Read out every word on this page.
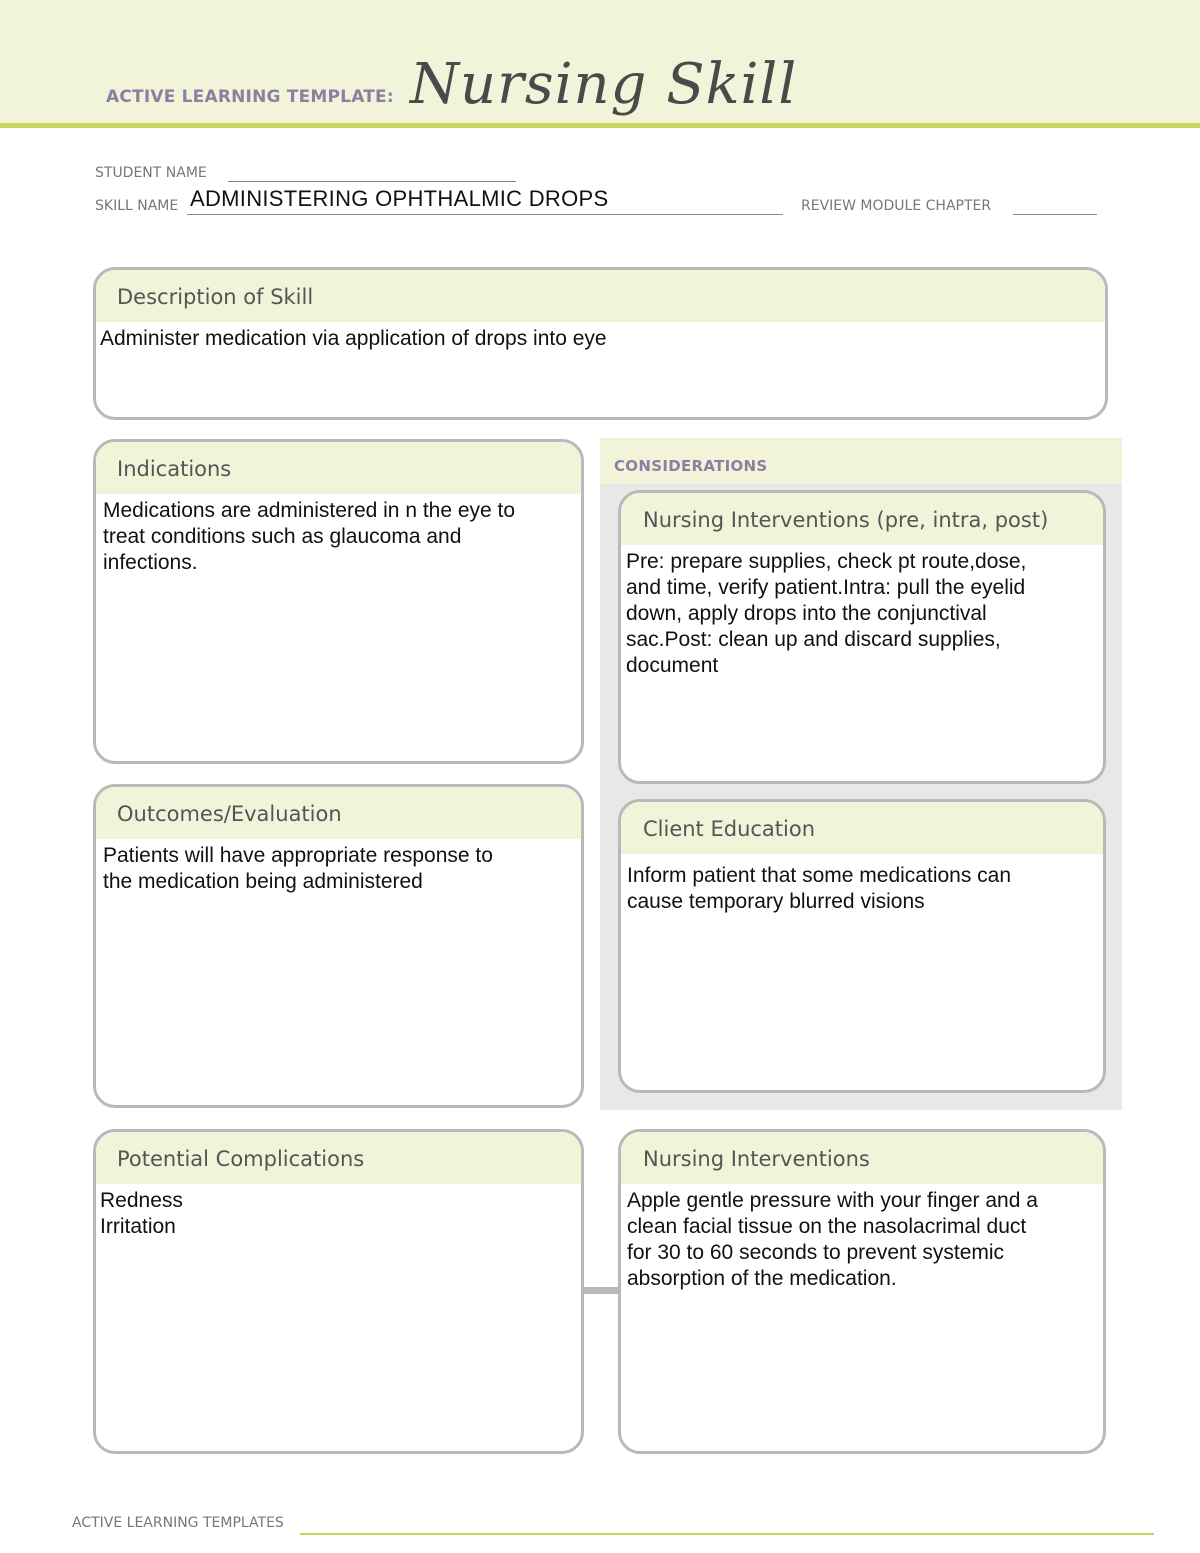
ACTIVE LEARNING TEMPLATE: Nursing Skill
STUDENT NAME
SKILL NAME ADMINISTERING OPHTHALMIC DROPS	REVIEW MODULE CHAPTER
Description of Skill
Administer medication via application of drops into eye
CONSIDERATIONS
Indications
Medications are administered in n the eye to
treat conditions such as glaucoma and
infections.
Nursing Interventions (pre, intra, post)
Pre: prepare supplies, check pt route,dose,
and time, verify patient.Intra: pull the eyelid
down, apply drops into the conjunctival
sac.Post: clean up and discard supplies,
document
Outcomes/Evaluation
Patients will have appropriate response to
the medication being administered
Client Education
Inform patient that some medications can
cause temporary blurred visions
Potential Complications
Redness
Irritation
Nursing Interventions
Apple gentle pressure with your finger and a
clean facial tissue on the nasolacrimal duct
for 30 to 60 seconds to prevent systemic
absorption of the medication.
ACTIVE LEARNING TEMPLATES
